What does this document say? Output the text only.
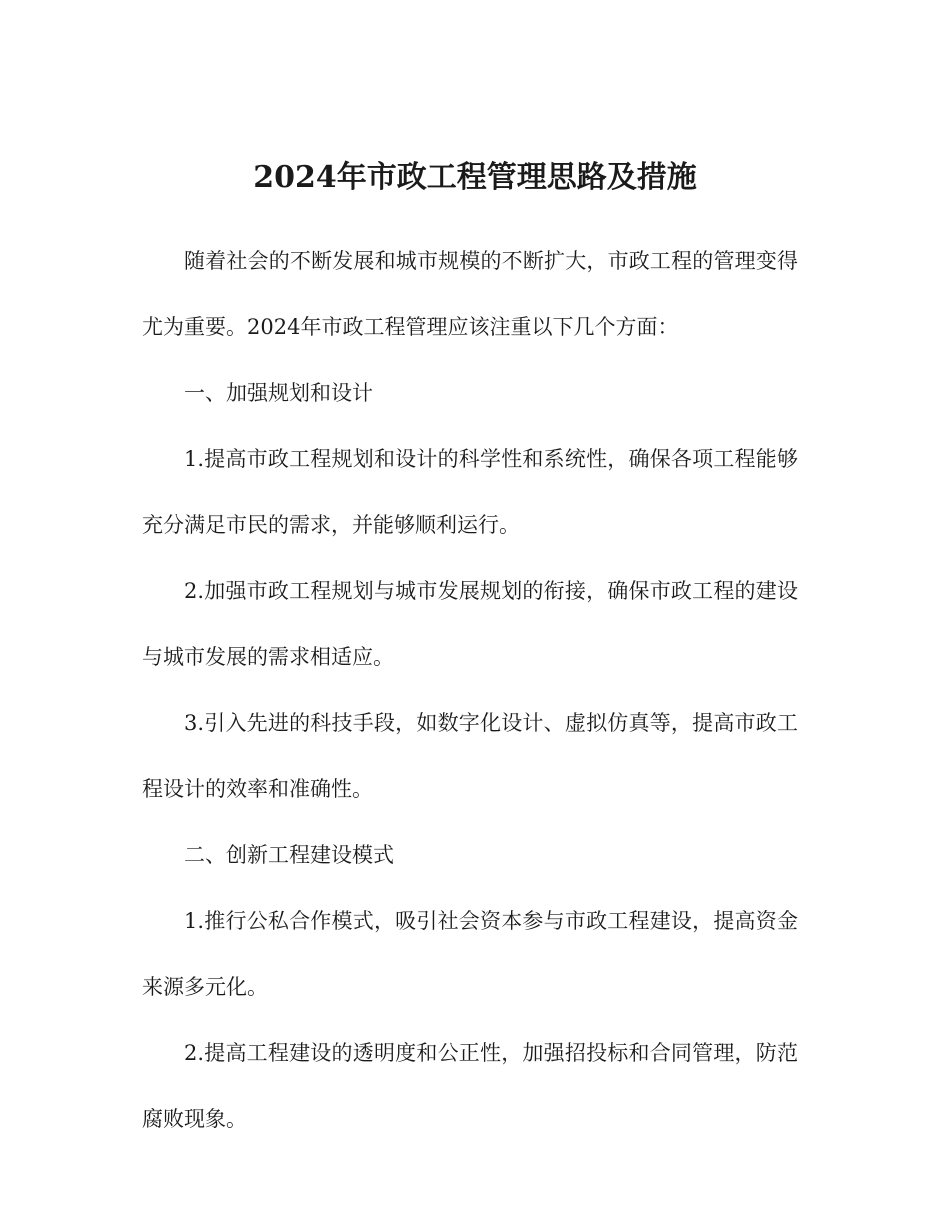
2024年市政工程管理思路及措施

随着社会的不断发展和城市规模的不断扩大，市政工程的管理变得尤为重要。2024年市政工程管理应该注重以下几个方面：

一、加强规划和设计

1.提高市政工程规划和设计的科学性和系统性，确保各项工程能够充分满足市民的需求，并能够顺利运行。

2.加强市政工程规划与城市发展规划的衔接，确保市政工程的建设与城市发展的需求相适应。

3.引入先进的科技手段，如数字化设计、虚拟仿真等，提高市政工程设计的效率和准确性。

二、创新工程建设模式

1.推行公私合作模式，吸引社会资本参与市政工程建设，提高资金来源多元化。

2.提高工程建设的透明度和公正性，加强招投标和合同管理，防范腐败现象。
